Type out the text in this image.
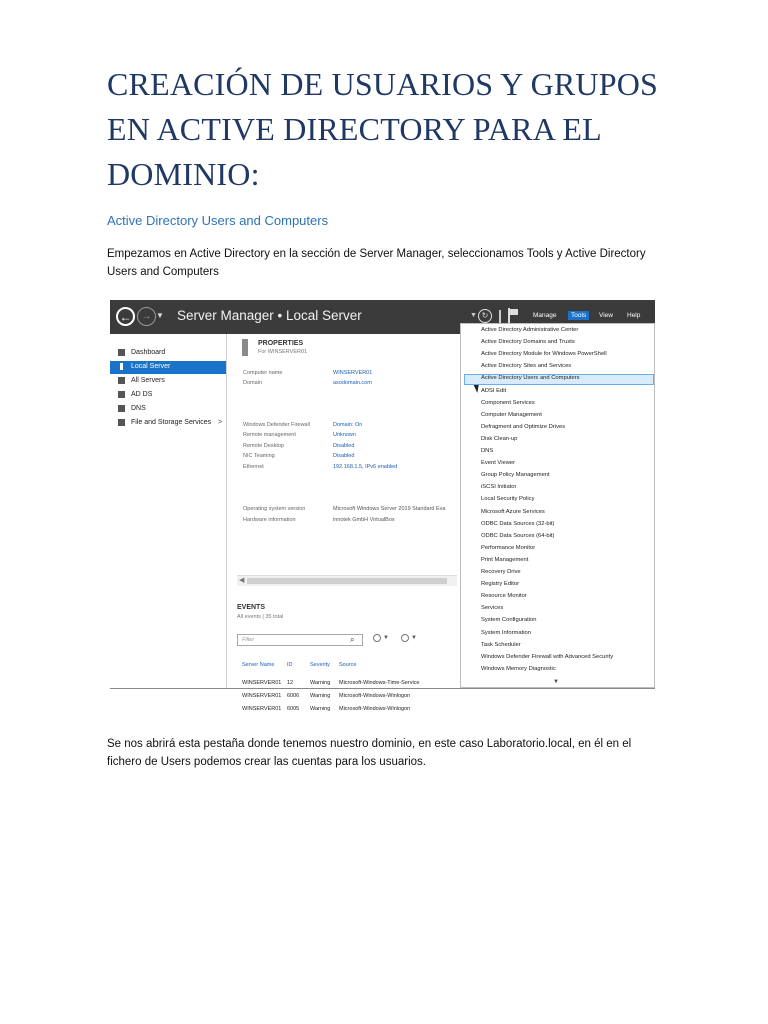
CREACIÓN DE USUARIOS Y GRUPOS EN ACTIVE DIRECTORY PARA EL DOMINIO:
Active Directory Users and Computers

Empezamos en Active Directory en la sección de Server Manager, seleccionamos Tools y Active Directory Users and Computers

←	→ ▼ Server Manager • Local Server	▼ ↻	Manage	Tools	View	Help
Dashboard
Local Server
All Servers
AD DS
DNS
File and Storage Services >
PROPERTIES
For WINSERVER01
Computer name	WINSERVER01
Domain	asodomain.com
Windows Defender Firewall	Domain: On
Remote management	Unknown
Remote Desktop	Disabled
NIC Teaming	Disabled
Ethernet	192.168.1.5, IPv6 enabled
Operating system version	Microsoft Windows Server 2019 Standard Eva
Hardware information	innotek GmbH VirtualBox
◀
EVENTS
All events | 35 total
Filter	⌕	▼	▼
Server Name ID	Severity Source
WINSERVER01 12	Warning Microsoft-Windows-Time-Service
WINSERVER01 6006 Warning Microsoft-Windows-Winlogon
WINSERVER01 6005 Warning Microsoft-Windows-Winlogon
▼
Active Directory Administrative Center
Active Directory Domains and Trusts
Active Directory Module for Windows PowerShell
Active Directory Sites and Services
Active Directory Users and Computers
ADSI Edit
Component Services
Computer Management
Defragment and Optimize Drives
Disk Clean-up
DNS
Event Viewer
Group Policy Management
iSCSI Initiator
Local Security Policy
Microsoft Azure Services
ODBC Data Sources (32-bit)
ODBC Data Sources (64-bit)
Performance Monitor
Print Management
Recovery Drive
Registry Editor
Resource Monitor
Services
System Configuration
System Information
Task Scheduler
Windows Defender Firewall with Advanced Security
Windows Memory Diagnostic

Se nos abrirá esta pestaña donde tenemos nuestro dominio, en este caso Laboratorio.local, en él en el fichero de Users podemos crear las cuentas para los usuarios.
